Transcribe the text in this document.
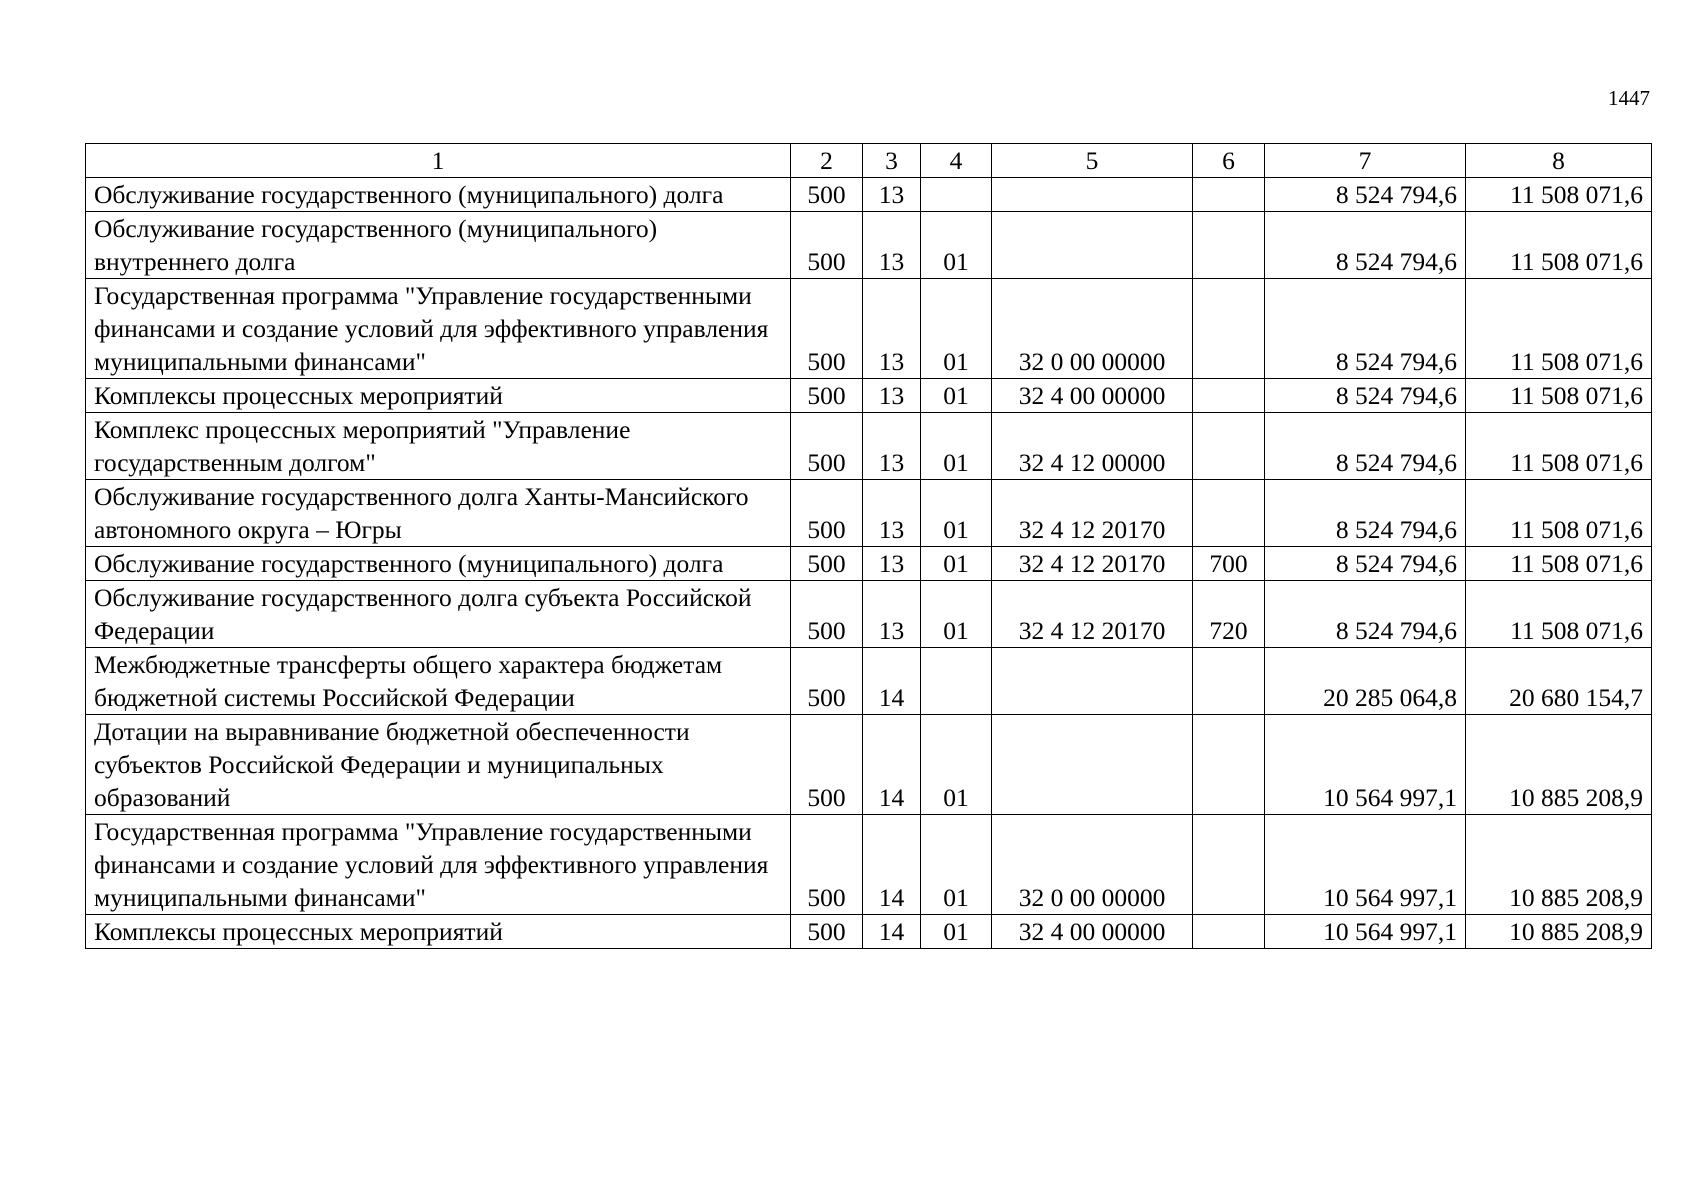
1447
1	2	3	4	5	6	7	8
Обслуживание государственного (муниципального) долга	500	13				8 524 794,6	11 508 071,6
Обслуживание государственного (муниципального) внутреннего долга	500	13	01			8 524 794,6	11 508 071,6
Государственная программа "Управление государственными финансами и создание условий для эффективного управления муниципальными финансами"	500	13	01	32 0 00 00000		8 524 794,6	11 508 071,6
Комплексы процессных мероприятий	500	13	01	32 4 00 00000		8 524 794,6	11 508 071,6
Комплекс процессных мероприятий "Управление государственным долгом"	500	13	01	32 4 12 00000		8 524 794,6	11 508 071,6
Обслуживание государственного долга Ханты-Мансийского автономного округа – Югры	500	13	01	32 4 12 20170		8 524 794,6	11 508 071,6
Обслуживание государственного (муниципального) долга	500	13	01	32 4 12 20170	700	8 524 794,6	11 508 071,6
Обслуживание государственного долга субъекта Российской Федерации	500	13	01	32 4 12 20170	720	8 524 794,6	11 508 071,6
Межбюджетные трансферты общего характера бюджетам бюджетной системы Российской Федерации	500	14				20 285 064,8	20 680 154,7
Дотации на выравнивание бюджетной обеспеченности субъектов Российской Федерации и муниципальных образований	500	14	01			10 564 997,1	10 885 208,9
Государственная программа "Управление государственными финансами и создание условий для эффективного управления муниципальными финансами"	500	14	01	32 0 00 00000		10 564 997,1	10 885 208,9
Комплексы процессных мероприятий	500	14	01	32 4 00 00000		10 564 997,1	10 885 208,9
